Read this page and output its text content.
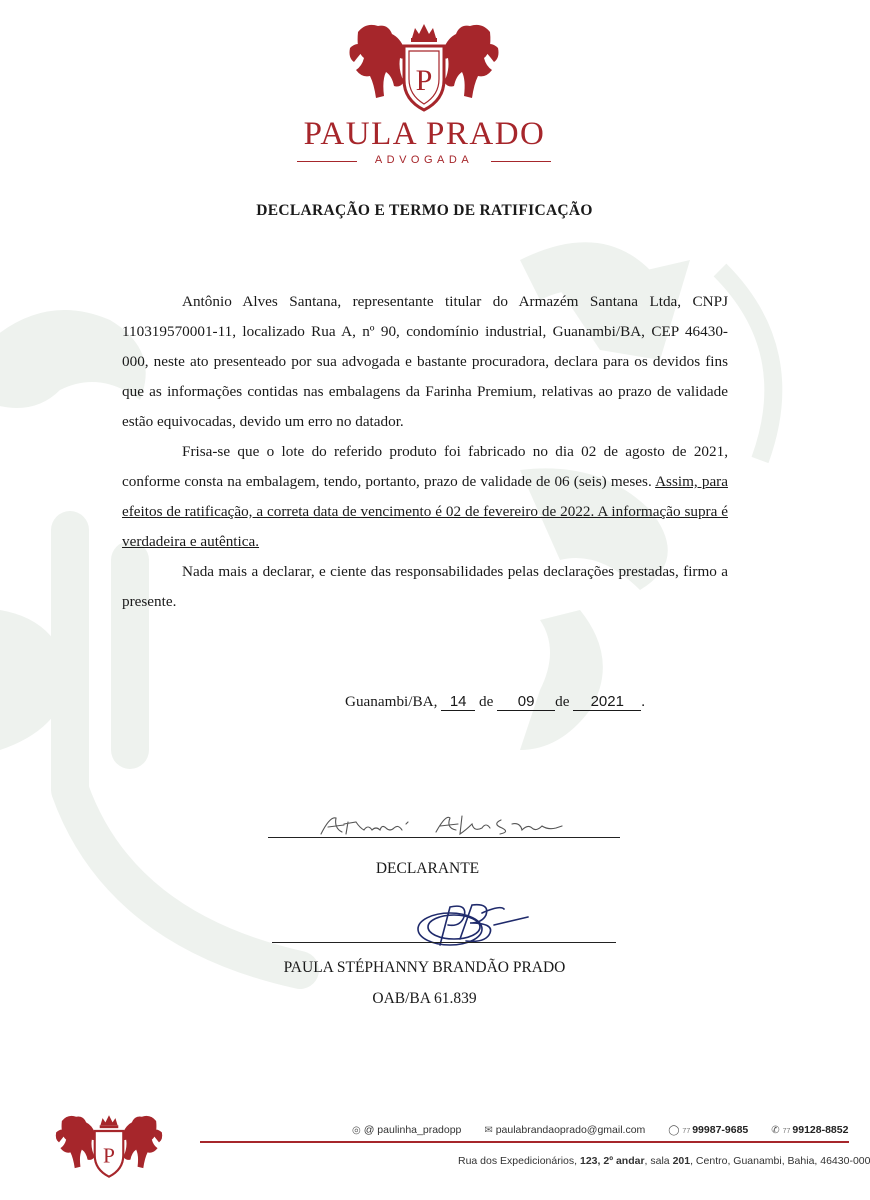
P
PAULA PRADO
ADVOGADA
DECLARAÇÃO E TERMO DE RATIFICAÇÃO

Antônio Alves Santana, representante titular do Armazém Santana Ltda, CNPJ 110319570001-11, localizado Rua A, nº 90, condomínio industrial, Guanambi/BA, CEP 46430-000, neste ato presenteado por sua advogada e bastante procuradora, declara para os devidos fins que as informações contidas nas embalagens da Farinha Premium, relativas ao prazo de validade estão equivocadas, devido um erro no datador.

Frisa-se que o lote do referido produto foi fabricado no dia 02 de agosto de 2021, conforme consta na embalagem, tendo, portanto, prazo de validade de 06 (seis) meses. Assim, para efeitos de ratificação, a correta data de vencimento é 02 de fevereiro de 2022. A informação supra é verdadeira e autêntica.

Nada mais a declarar, e ciente das responsabilidades pelas declarações prestadas, firmo a presente.

Guanambi/BA, 14 de 09 de 2021 .
DECLARANTE
PAULA STÉPHANNY BRANDÃO PRADO
OAB/BA 61.839
P
◎ @ paulinha_pradopp ✉ paulabrandaoprado@gmail.com ◯ 77 99987-9685 ✆ 77 99128-8852
Rua dos Expedicionários, 123, 2º andar, sala 201, Centro, Guanambi, Bahia, 46430-000
